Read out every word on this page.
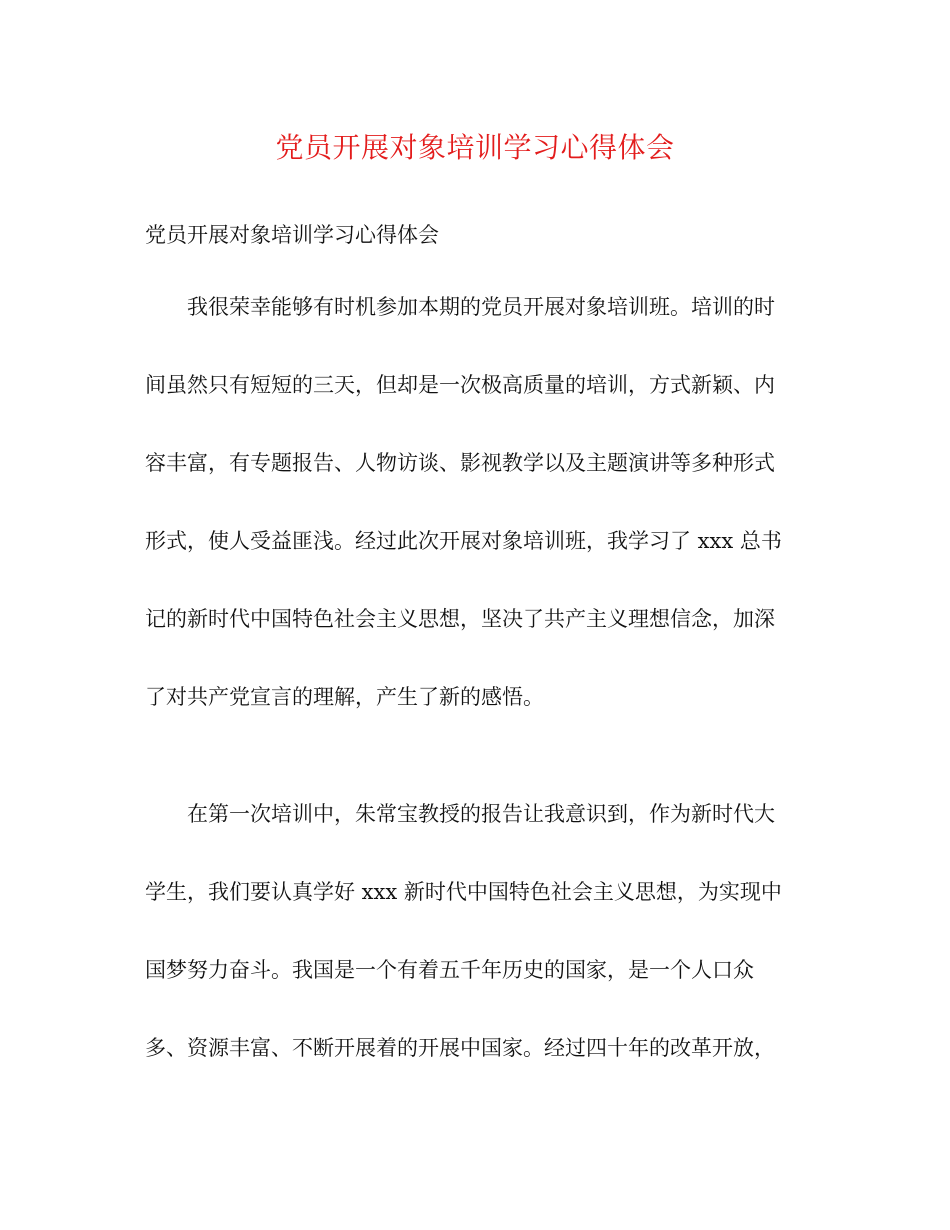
党员开展对象培训学习心得体会
党员开展对象培训学习心得体会
我很荣幸能够有时机参加本期的党员开展对象培训班。培训的时
间虽然只有短短的三天，但却是一次极高质量的培训，方式新颖、内
容丰富，有专题报告、人物访谈、影视教学以及主题演讲等多种形式
形式，使人受益匪浅。经过此次开展对象培训班，我学习了 xxx 总书
记的新时代中国特色社会主义思想，坚决了共产主义理想信念，加深
了对共产党宣言的理解，产生了新的感悟。
在第一次培训中，朱常宝教授的报告让我意识到，作为新时代大
学生，我们要认真学好 xxx 新时代中国特色社会主义思想，为实现中
国梦努力奋斗。我国是一个有着五千年历史的国家，是一个人口众
多、资源丰富、不断开展着的开展中国家。经过四十年的改革开放，
